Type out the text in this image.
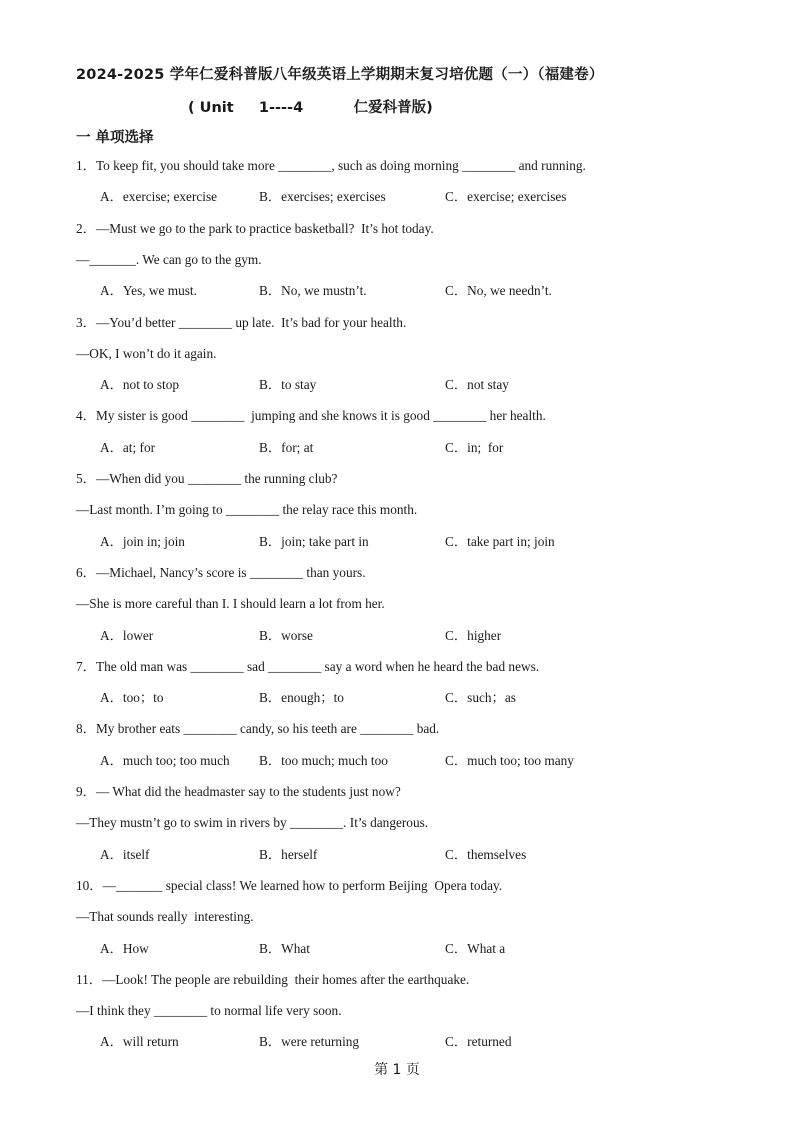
2024-2025 学年仁爱科普版八年级英语上学期期末复习培优题（一）（福建卷）
( Unit     1----4          仁爱科普版)
一 单项选择
1．To keep fit, you should take more ________, such as doing morning ________ and running.
A．exercise; exercise	B．exercises; exercises	C．exercise; exercises
2．—Must we go to the park to practice basketball?  It’s hot today.
—_______. We can go to the gym.
A．Yes, we must.	B．No, we mustn’t.	C．No, we needn’t.
3．—You’d better ________ up late.  It’s bad for your health.
—OK, I won’t do it again.
A．not to stop	B．to stay	C．not stay
4．My sister is good ________  jumping and she knows it is good ________ her health.
A．at; for	B．for; at	C．in;  for
5．—When did you ________ the running club?
—Last month. I’m going to ________ the relay race this month.
A．join in; join	B．join; take part in	C．take part in; join
6．—Michael, Nancy’s score is ________ than yours.
—She is more careful than I. I should learn a lot from her.
A．lower	B．worse	C．higher
7．The old man was ________ sad ________ say a word when he heard the bad news.
A．too；to	B．enough；to	C．such；as
8．My brother eats ________ candy, so his teeth are ________ bad.
A．much too; too much B．too much; much too	C．much too; too many
9．— What did the headmaster say to the students just now?
—They mustn’t go to swim in rivers by ________. It’s dangerous.
A．itself	B．herself	C．themselves
10．—_______ special class! We learned how to perform Beijing  Opera today.
—That sounds really  interesting.
A．How	B．What	C．What a
11．—Look! The people are rebuilding  their homes after the earthquake.
—I think they ________ to normal life very soon.
A．will return	B．were returning	C．returned
第 1 页
